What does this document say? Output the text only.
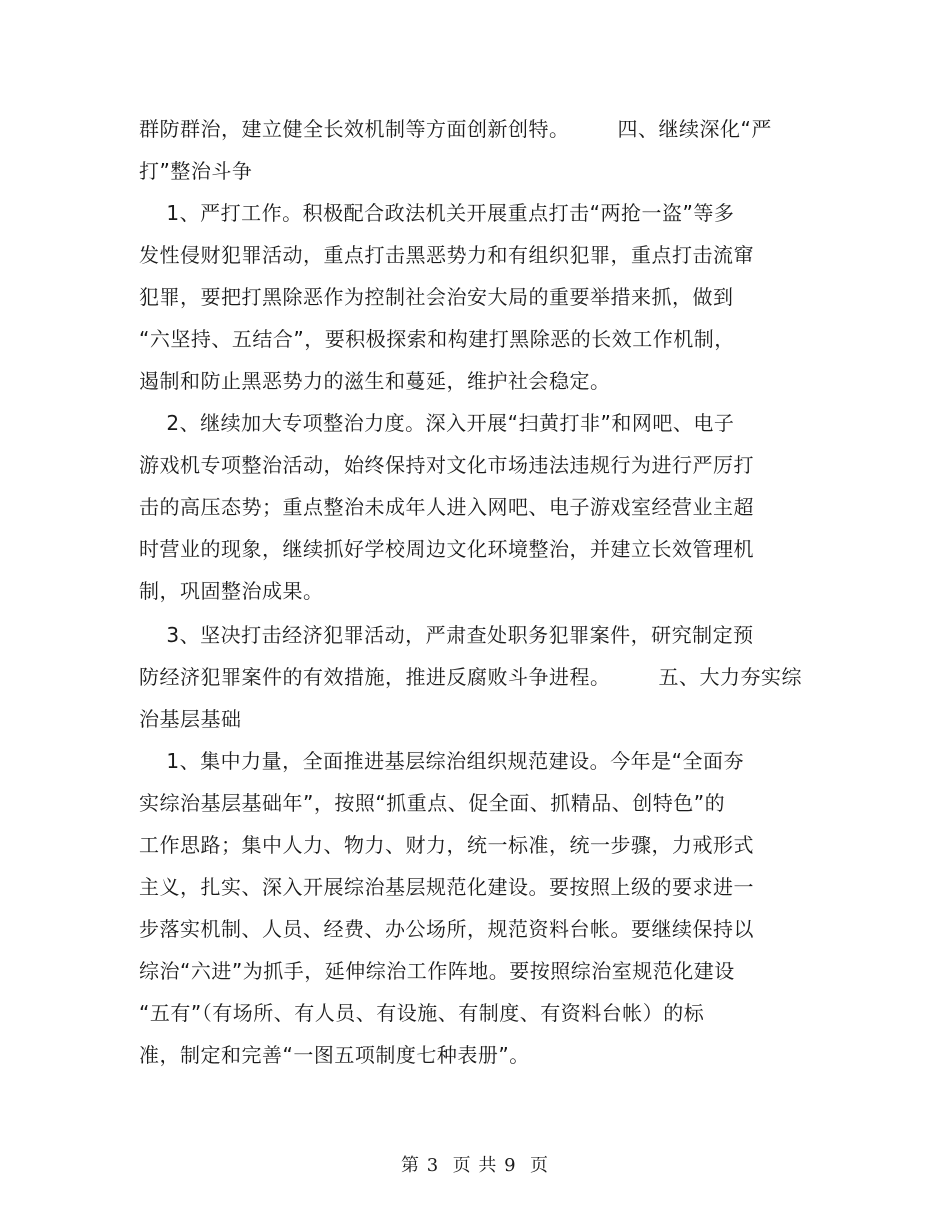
群防群治，建立健全长效机制等方面创新创特。       四、继续深化“严
打”整治斗争
1、严打工作。积极配合政法机关开展重点打击“两抢一盗”等多
发性侵财犯罪活动，重点打击黑恶势力和有组织犯罪，重点打击流窜
犯罪，要把打黑除恶作为控制社会治安大局的重要举措来抓，做到
“六坚持、五结合”，要积极探索和构建打黑除恶的长效工作机制，
遏制和防止黑恶势力的滋生和蔓延，维护社会稳定。
2、继续加大专项整治力度。深入开展“扫黄打非”和网吧、电子
游戏机专项整治活动，始终保持对文化市场违法违规行为进行严厉打
击的高压态势；重点整治未成年人进入网吧、电子游戏室经营业主超
时营业的现象，继续抓好学校周边文化环境整治，并建立长效管理机
制，巩固整治成果。
3、坚决打击经济犯罪活动，严肃查处职务犯罪案件，研究制定预
防经济犯罪案件的有效措施，推进反腐败斗争进程。       五、大力夯实综
治基层基础
1、集中力量，全面推进基层综治组织规范建设。今年是“全面夯
实综治基层基础年”，按照“抓重点、促全面、抓精品、创特色”的
工作思路；集中人力、物力、财力，统一标准，统一步骤，力戒形式
主义，扎实、深入开展综治基层规范化建设。要按照上级的要求进一
步落实机制、人员、经费、办公场所，规范资料台帐。要继续保持以
综治“六进”为抓手，延伸综治工作阵地。要按照综治室规范化建设
“五有”（有场所、有人员、有设施、有制度、有资料台帐）的标
准，制定和完善“一图五项制度七种表册”。
第 3  页 共 9  页
